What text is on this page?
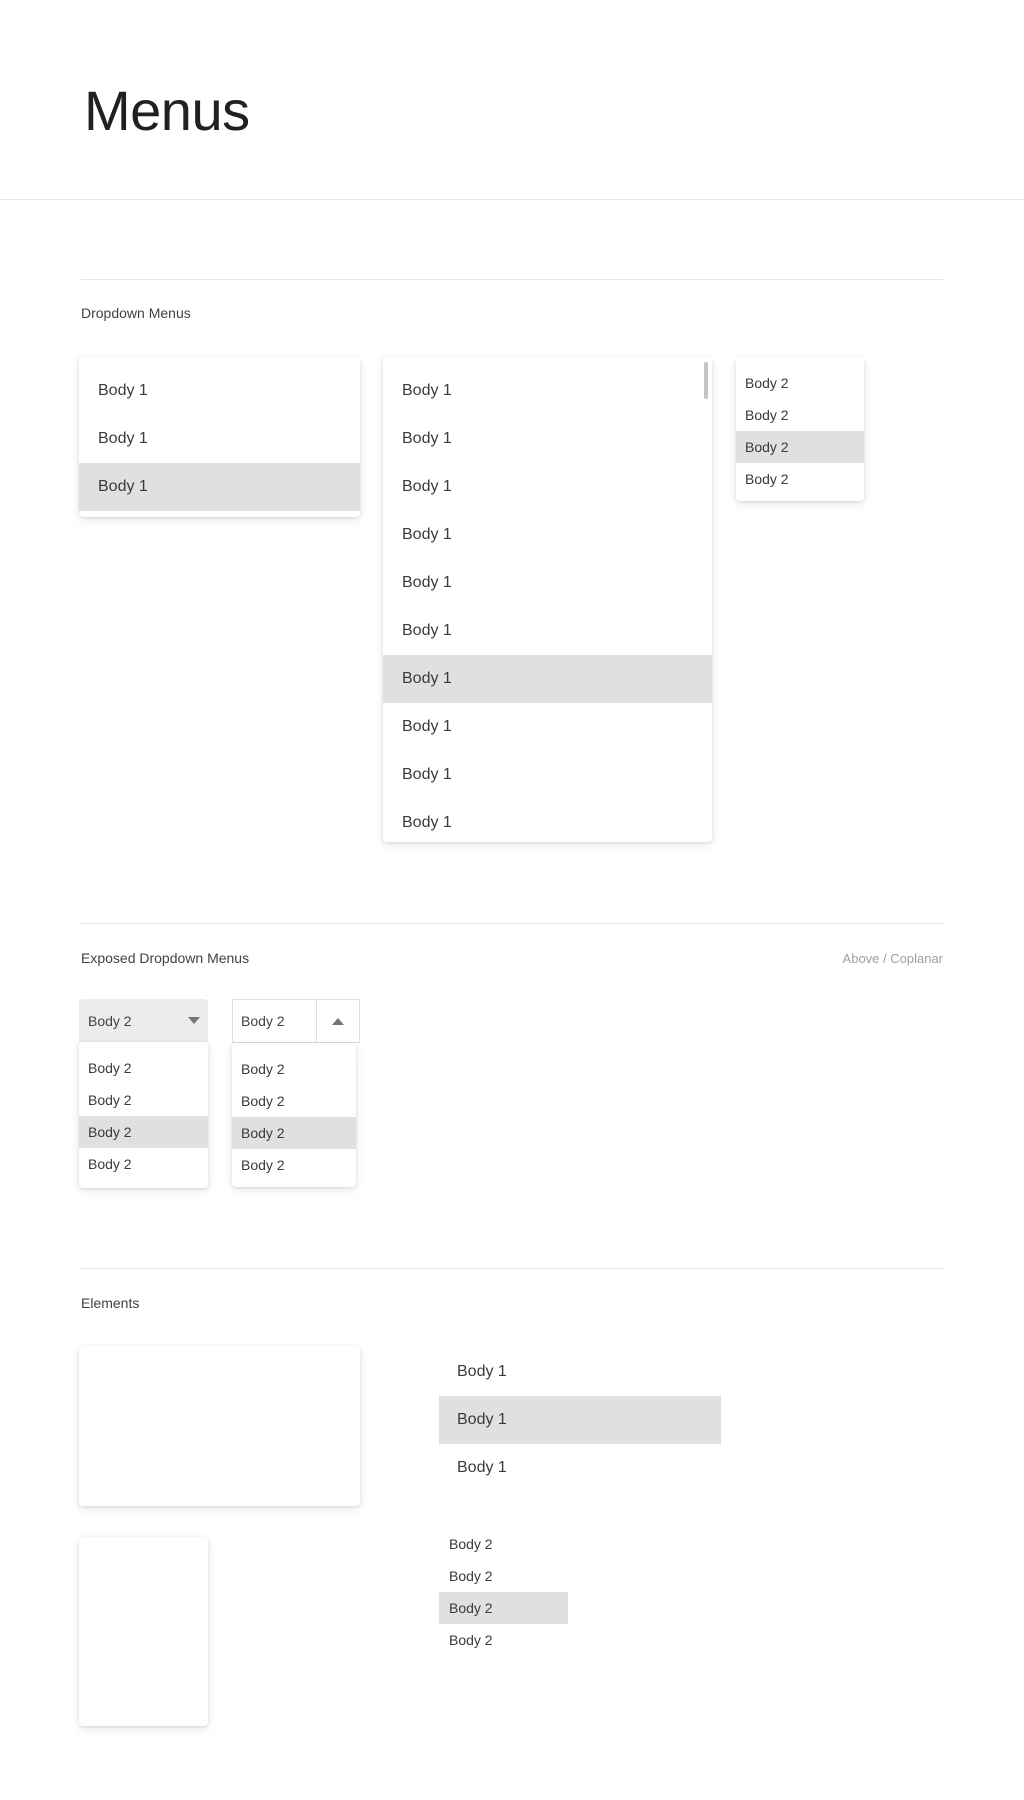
Menus
Dropdown Menus
Body 1
Body 1
Body 1
Body 1
Body 1
Body 1
Body 1
Body 1
Body 1
Body 1
Body 1
Body 1
Body 1
Body 2
Body 2
Body 2
Body 2
Exposed Dropdown Menus	Above / Coplanar
Body 2
Body 2
Body 2
Body 2
Body 2
Body 2
Body 2
Body 2
Body 2
Body 2
Elements
Body 1
Body 1
Body 1
Body 2
Body 2
Body 2
Body 2
